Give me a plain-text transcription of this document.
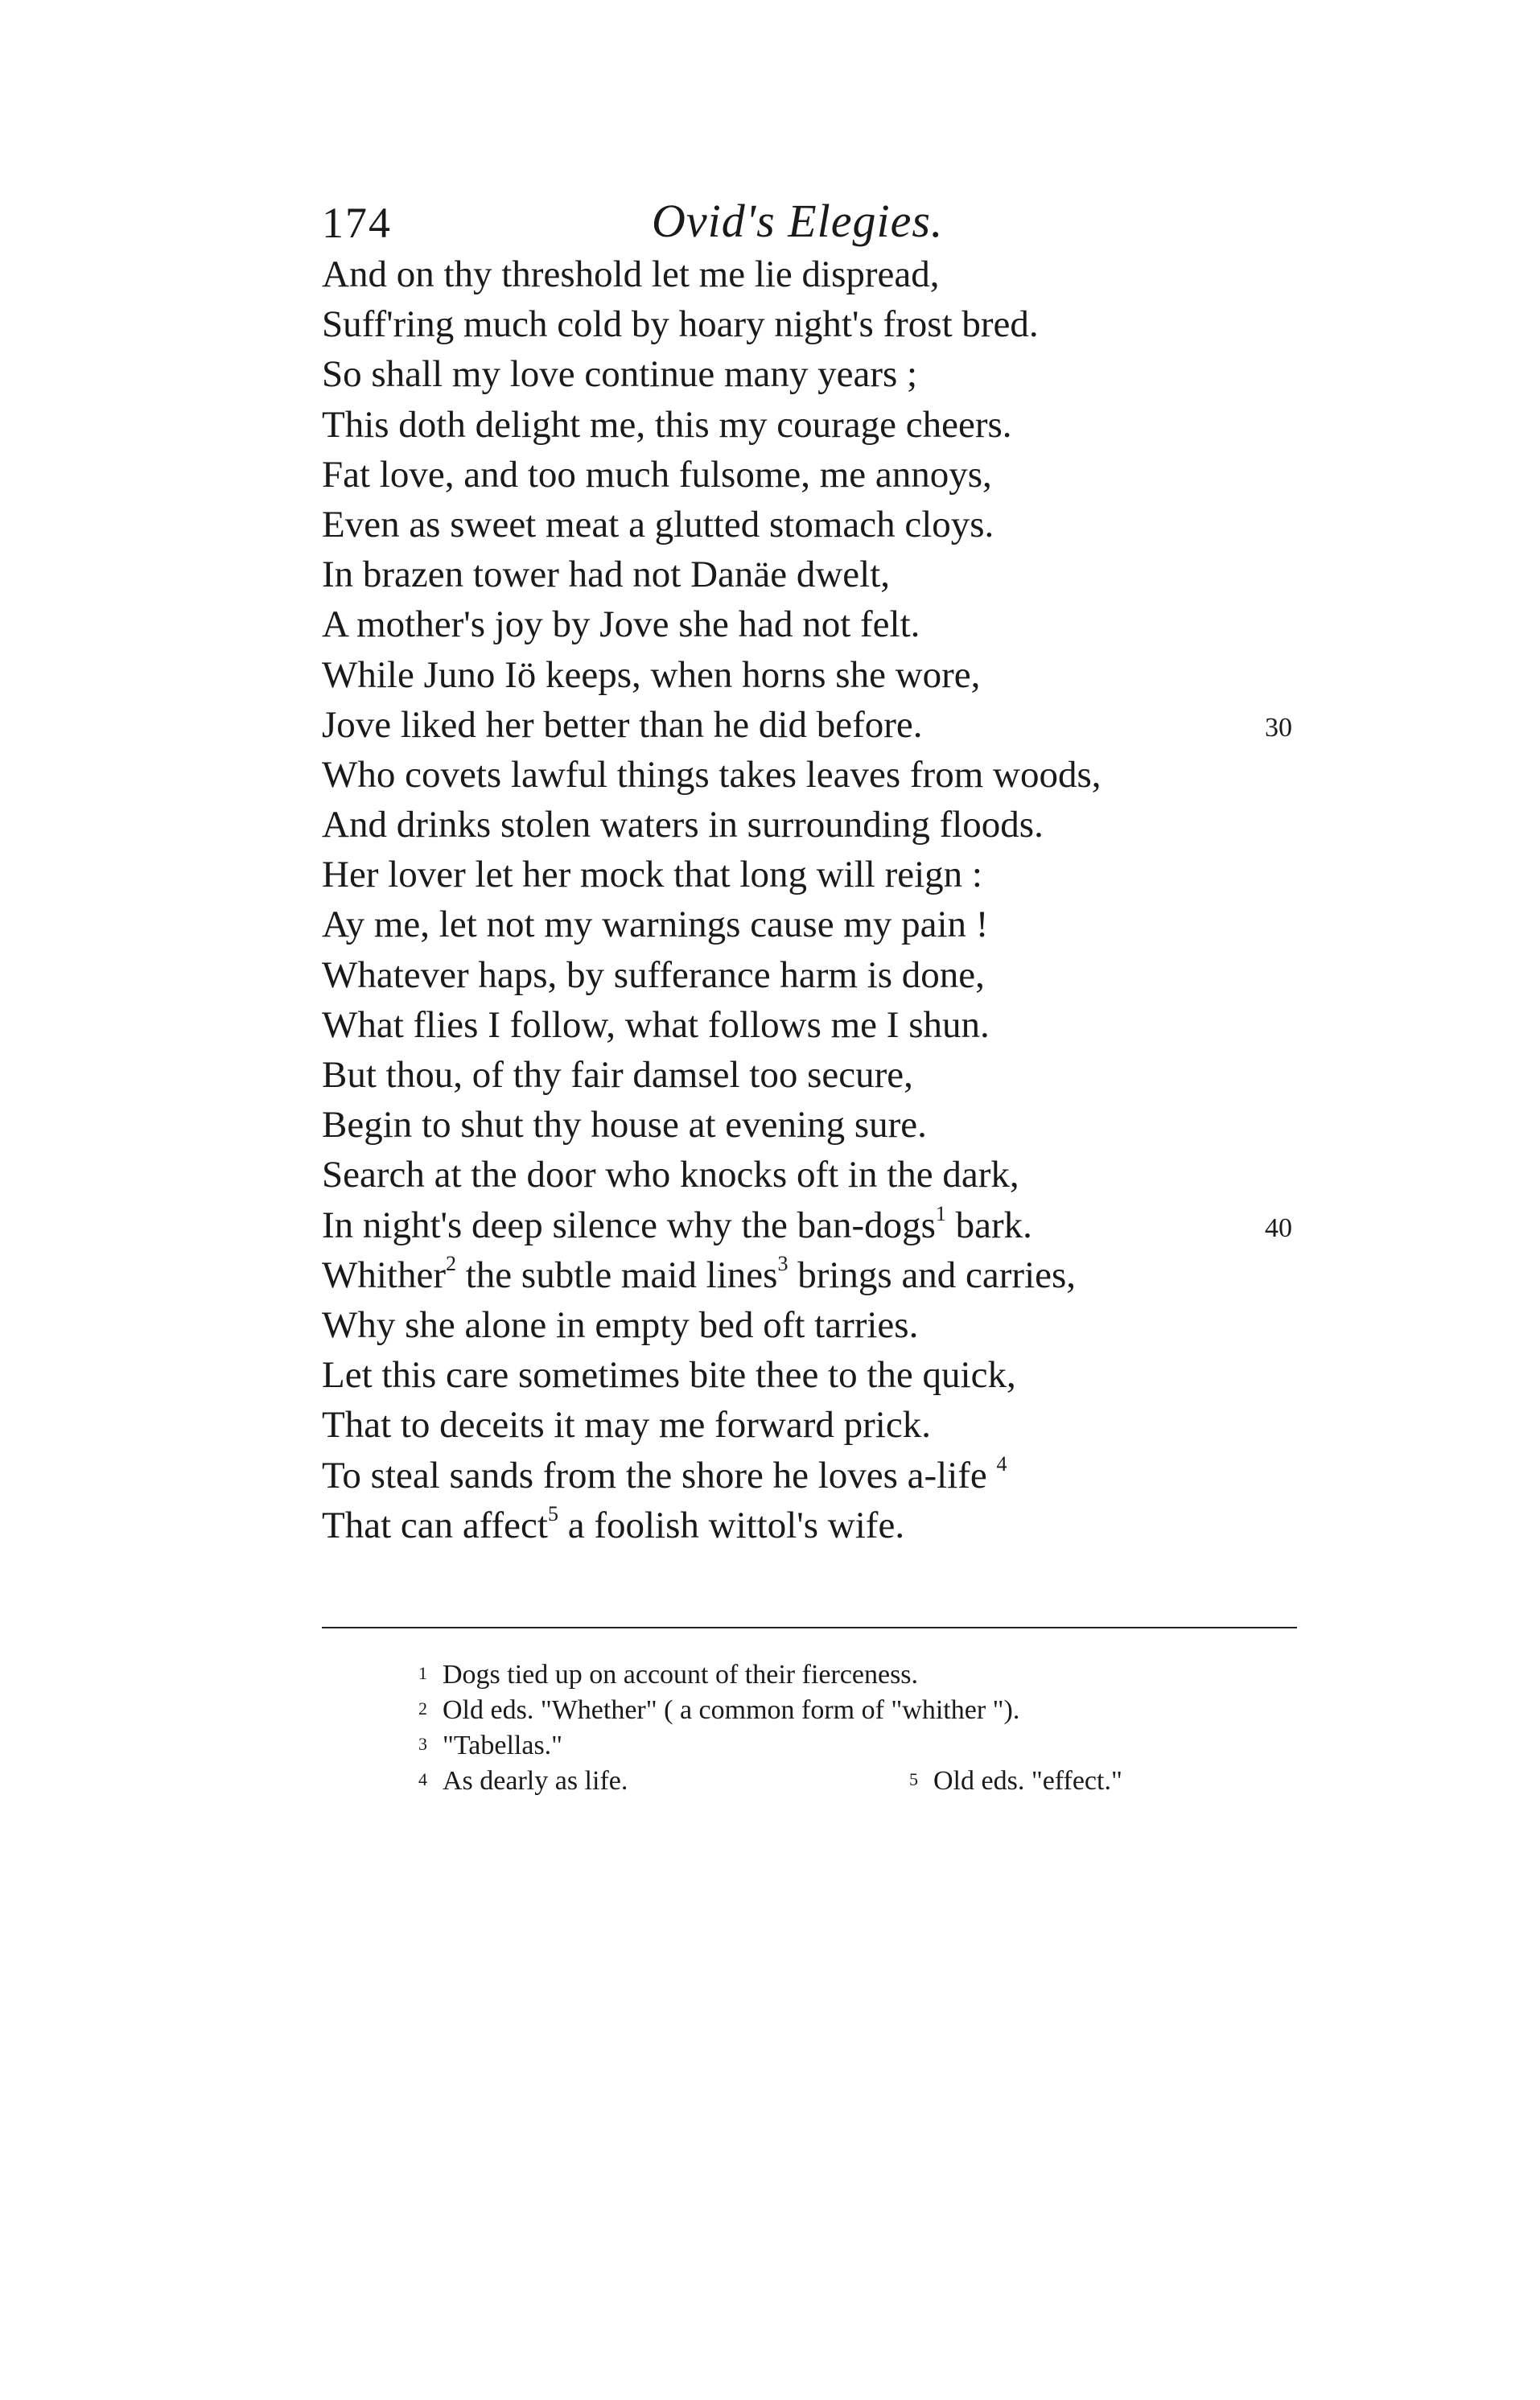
174	Ovid's Elegies.
And on thy threshold let me lie dispread,
Suff'ring much cold by hoary night's frost bred.
So shall my love continue many years ;
This doth delight me, this my courage cheers.
Fat love, and too much fulsome, me annoys,
Even as sweet meat a glutted stomach cloys.
In brazen tower had not Danäe dwelt,
A mother's joy by Jove she had not felt.
While Juno Iö keeps, when horns she wore,
Jove liked her better than he did before.	30
Who covets lawful things takes leaves from woods,
And drinks stolen waters in surrounding floods.
Her lover let her mock that long will reign :
Ay me, let not my warnings cause my pain !
Whatever haps, by sufferance harm is done,
What flies I follow, what follows me I shun.
But thou, of thy fair damsel too secure,
Begin to shut thy house at evening sure.
Search at the door who knocks oft in the dark,
In night's deep silence why the ban-dogs$^1$ bark.	40
Whither$^2$ the subtle maid lines$^3$ brings and carries,
Why she alone in empty bed oft tarries.
Let this care sometimes bite thee to the quick,
That to deceits it may me forward prick.
To steal sands from the shore he loves a-life $^4$
That can affect$^5$ a foolish wittol's wife.
1 Dogs tied up on account of their fierceness.
2 Old eds. "Whether" ( a common form of "whither ").
3 "Tabellas."
4 As dearly as life.	5 Old eds. "effect."
